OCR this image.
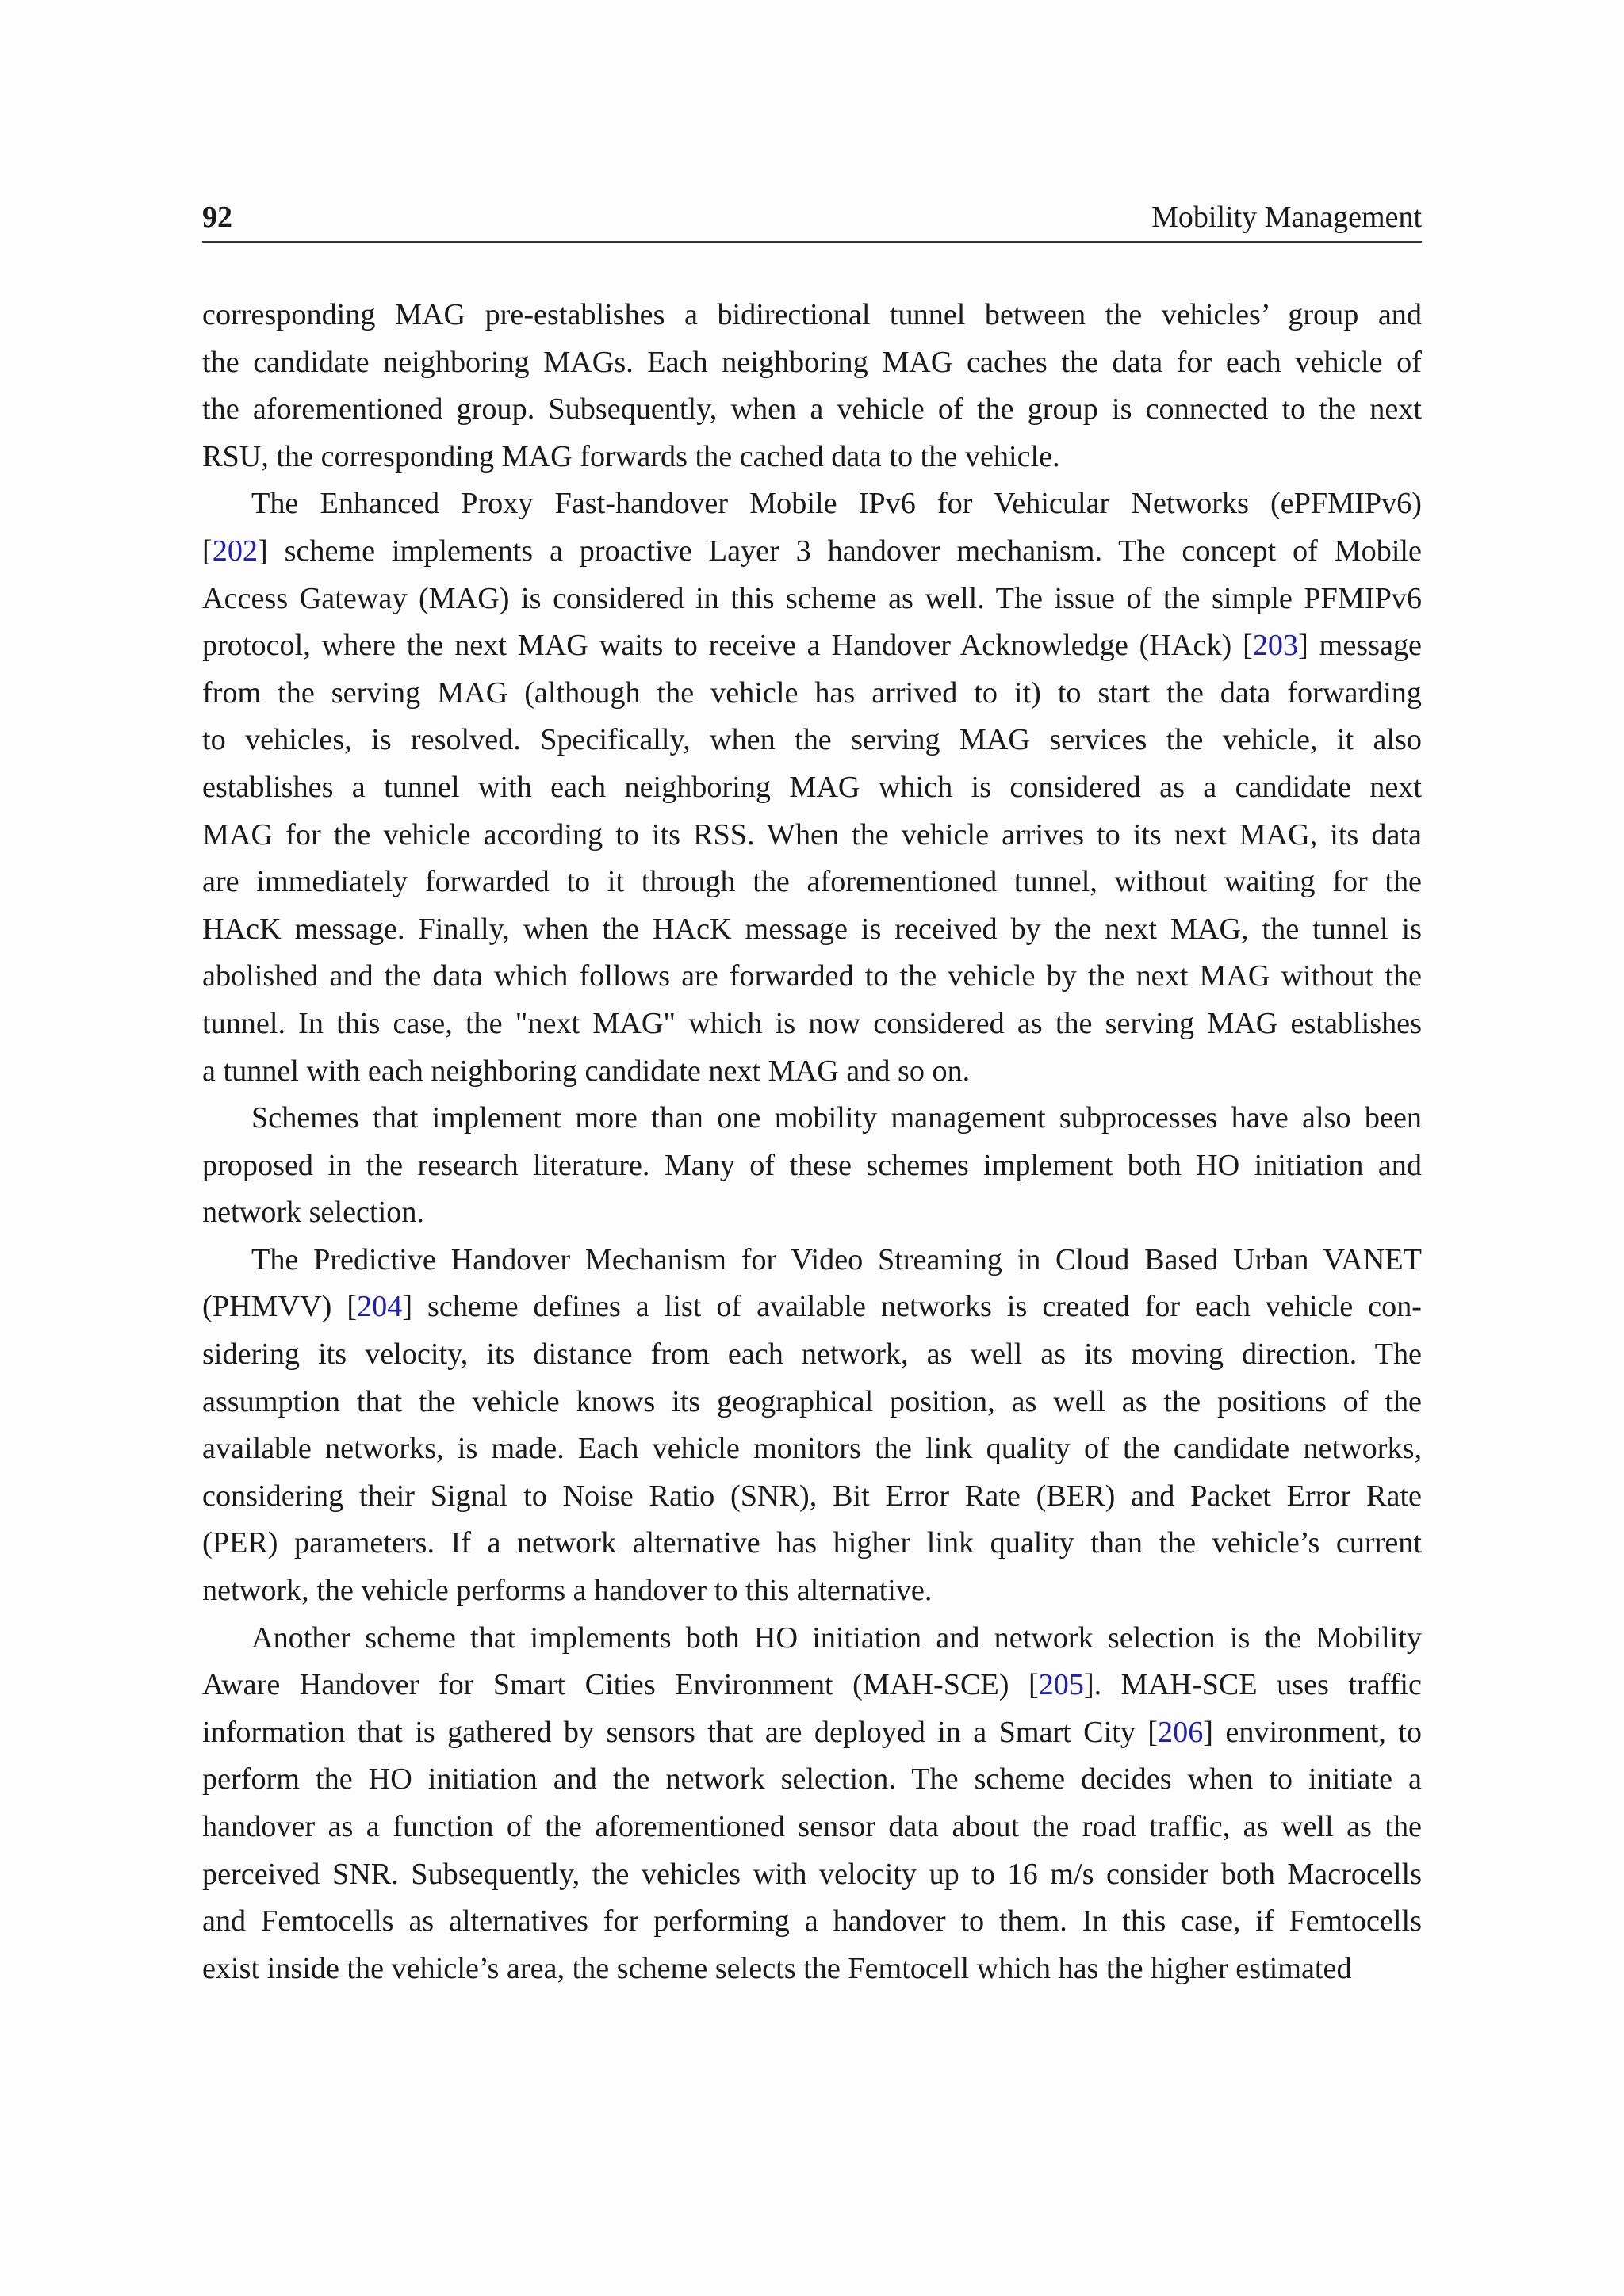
92	Mobility Management
corresponding MAG pre-establishes a bidirectional tunnel between the vehicles’ group and
the candidate neighboring MAGs. Each neighboring MAG caches the data for each vehicle of
the aforementioned group. Subsequently, when a vehicle of the group is connected to the next
RSU, the corresponding MAG forwards the cached data to the vehicle.
The Enhanced Proxy Fast-handover Mobile IPv6 for Vehicular Networks (ePFMIPv6)
[202] scheme implements a proactive Layer 3 handover mechanism. The concept of Mobile
Access Gateway (MAG) is considered in this scheme as well. The issue of the simple PFMIPv6
protocol, where the next MAG waits to receive a Handover Acknowledge (HAck) [203] message
from the serving MAG (although the vehicle has arrived to it) to start the data forwarding
to vehicles, is resolved. Specifically, when the serving MAG services the vehicle, it also
establishes a tunnel with each neighboring MAG which is considered as a candidate next
MAG for the vehicle according to its RSS. When the vehicle arrives to its next MAG, its data
are immediately forwarded to it through the aforementioned tunnel, without waiting for the
HAcK message. Finally, when the HAcK message is received by the next MAG, the tunnel is
abolished and the data which follows are forwarded to the vehicle by the next MAG without the
tunnel. In this case, the "next MAG" which is now considered as the serving MAG establishes
a tunnel with each neighboring candidate next MAG and so on.
Schemes that implement more than one mobility management subprocesses have also been
proposed in the research literature. Many of these schemes implement both HO initiation and
network selection.
The Predictive Handover Mechanism for Video Streaming in Cloud Based Urban VANET
(PHMVV) [204] scheme defines a list of available networks is created for each vehicle con-
sidering its velocity, its distance from each network, as well as its moving direction. The
assumption that the vehicle knows its geographical position, as well as the positions of the
available networks, is made. Each vehicle monitors the link quality of the candidate networks,
considering their Signal to Noise Ratio (SNR), Bit Error Rate (BER) and Packet Error Rate
(PER) parameters. If a network alternative has higher link quality than the vehicle’s current
network, the vehicle performs a handover to this alternative.
Another scheme that implements both HO initiation and network selection is the Mobility
Aware Handover for Smart Cities Environment (MAH-SCE) [205]. MAH-SCE uses traffic
information that is gathered by sensors that are deployed in a Smart City [206] environment, to
perform the HO initiation and the network selection. The scheme decides when to initiate a
handover as a function of the aforementioned sensor data about the road traffic, as well as the
perceived SNR. Subsequently, the vehicles with velocity up to 16 m/s consider both Macrocells
and Femtocells as alternatives for performing a handover to them. In this case, if Femtocells
exist inside the vehicle’s area, the scheme selects the Femtocell which has the higher estimated
